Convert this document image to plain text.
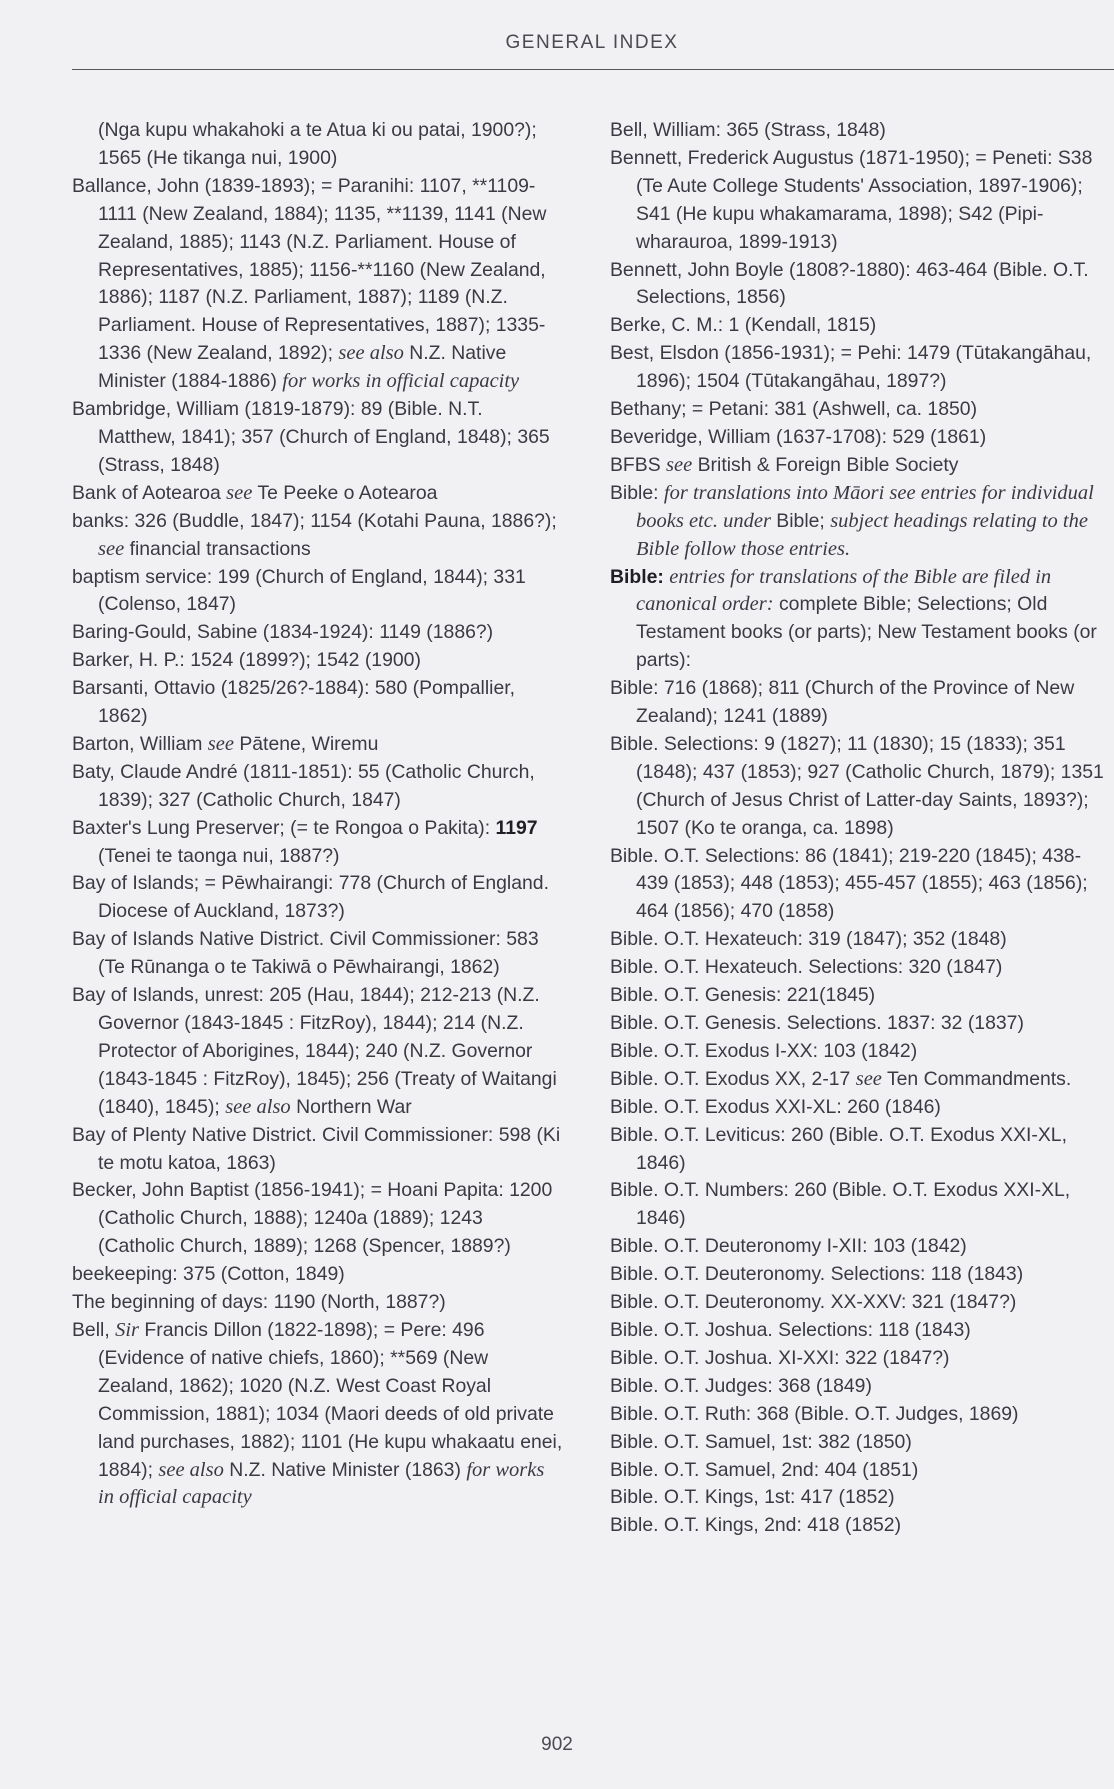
GENERAL INDEX

(Nga kupu whakahoki a te Atua ki ou patai, 1900?); 1565 (He tikanga nui, 1900)

Ballance, John (1839-1893); = Paranihi: 1107, **1109-1111 (New Zealand, 1884); 1135, **1139, 1141 (New Zealand, 1885); 1143 (N.Z. Parliament. House of Representatives, 1885); 1156-**1160 (New Zealand, 1886); 1187 (N.Z. Parliament, 1887); 1189 (N.Z. Parliament. House of Representatives, 1887); 1335-1336 (New Zealand, 1892); see also N.Z. Native Minister (1884-1886) for works in official capacity

Bambridge, William (1819-1879): 89 (Bible. N.T. Matthew, 1841); 357 (Church of England, 1848); 365 (Strass, 1848)

Bank of Aotearoa see Te Peeke o Aotearoa

banks: 326 (Buddle, 1847); 1154 (Kotahi Pauna, 1886?); see financial transactions

baptism service: 199 (Church of England, 1844); 331 (Colenso, 1847)

Baring-Gould, Sabine (1834-1924): 1149 (1886?)

Barker, H. P.: 1524 (1899?); 1542 (1900)

Barsanti, Ottavio (1825/26?-1884): 580 (Pompallier, 1862)

Barton, William see Pātene, Wiremu

Baty, Claude André (1811-1851): 55 (Catholic Church, 1839); 327 (Catholic Church, 1847)

Baxter's Lung Preserver; (= te Rongoa o Pakita): 1197 (Tenei te taonga nui, 1887?)

Bay of Islands; = Pēwhairangi: 778 (Church of England. Diocese of Auckland, 1873?)

Bay of Islands Native District. Civil Commissioner: 583 (Te Rūnanga o te Takiwā o Pēwhairangi, 1862)

Bay of Islands, unrest: 205 (Hau, 1844); 212-213 (N.Z. Governor (1843-1845 : FitzRoy), 1844); 214 (N.Z. Protector of Aborigines, 1844); 240 (N.Z. Governor (1843-1845 : FitzRoy), 1845); 256 (Treaty of Waitangi (1840), 1845); see also Northern War

Bay of Plenty Native District. Civil Commissioner: 598 (Ki te motu katoa, 1863)

Becker, John Baptist (1856-1941); = Hoani Papita: 1200 (Catholic Church, 1888); 1240a (1889); 1243 (Catholic Church, 1889); 1268 (Spencer, 1889?)

beekeeping: 375 (Cotton, 1849)

The beginning of days: 1190 (North, 1887?)

Bell, Sir Francis Dillon (1822-1898); = Pere: 496 (Evidence of native chiefs, 1860); **569 (New Zealand, 1862); 1020 (N.Z. West Coast Royal Commission, 1881); 1034 (Maori deeds of old private land purchases, 1882); 1101 (He kupu whakaatu enei, 1884); see also N.Z. Native Minister (1863) for works in official capacity

Bell, William: 365 (Strass, 1848)

Bennett, Frederick Augustus (1871-1950); = Peneti: S38 (Te Aute College Students' Association, 1897-1906); S41 (He kupu whakamarama, 1898); S42 (Pipi-wharauroa, 1899-1913)

Bennett, John Boyle (1808?-1880): 463-464 (Bible. O.T. Selections, 1856)

Berke, C. M.: 1 (Kendall, 1815)

Best, Elsdon (1856-1931); = Pehi: 1479 (Tūtakangāhau, 1896); 1504 (Tūtakangāhau, 1897?)

Bethany; = Petani: 381 (Ashwell, ca. 1850)

Beveridge, William (1637-1708): 529 (1861)

BFBS see British & Foreign Bible Society

Bible: for translations into Māori see entries for individual books etc. under Bible; subject headings relating to the Bible follow those entries.

Bible: entries for translations of the Bible are filed in canonical order: complete Bible; Selections; Old Testament books (or parts); New Testament books (or parts):

Bible: 716 (1868); 811 (Church of the Province of New Zealand); 1241 (1889)

Bible. Selections: 9 (1827); 11 (1830); 15 (1833); 351 (1848); 437 (1853); 927 (Catholic Church, 1879); 1351 (Church of Jesus Christ of Latter-day Saints, 1893?); 1507 (Ko te oranga, ca. 1898)

Bible. O.T. Selections: 86 (1841); 219-220 (1845); 438-439 (1853); 448 (1853); 455-457 (1855); 463 (1856); 464 (1856); 470 (1858)

Bible. O.T. Hexateuch: 319 (1847); 352 (1848)

Bible. O.T. Hexateuch. Selections: 320 (1847)

Bible. O.T. Genesis: 221(1845)

Bible. O.T. Genesis. Selections. 1837: 32 (1837)

Bible. O.T. Exodus I-XX: 103 (1842)

Bible. O.T. Exodus XX, 2-17 see Ten Commandments.

Bible. O.T. Exodus XXI-XL: 260 (1846)

Bible. O.T. Leviticus: 260 (Bible. O.T. Exodus XXI-XL, 1846)

Bible. O.T. Numbers: 260 (Bible. O.T. Exodus XXI-XL, 1846)

Bible. O.T. Deuteronomy I-XII: 103 (1842)

Bible. O.T. Deuteronomy. Selections: 118 (1843)

Bible. O.T. Deuteronomy. XX-XXV: 321 (1847?)

Bible. O.T. Joshua. Selections: 118 (1843)

Bible. O.T. Joshua. XI-XXI: 322 (1847?)

Bible. O.T. Judges: 368 (1849)

Bible. O.T. Ruth: 368 (Bible. O.T. Judges, 1869)

Bible. O.T. Samuel, 1st: 382 (1850)

Bible. O.T. Samuel, 2nd: 404 (1851)

Bible. O.T. Kings, 1st: 417 (1852)

Bible. O.T. Kings, 2nd: 418 (1852)

902
